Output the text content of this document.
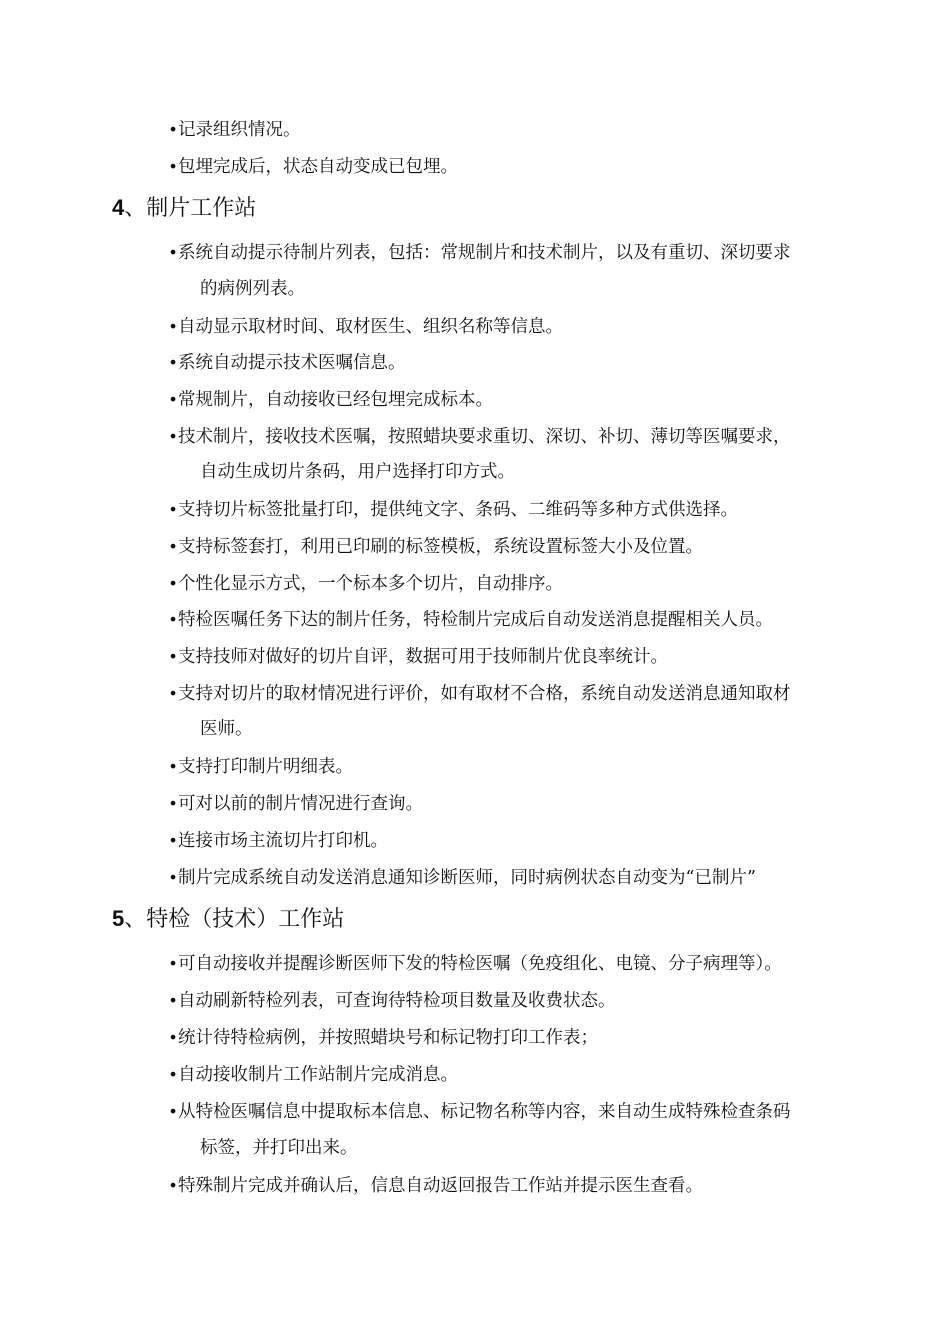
• 记录组织情况。
• 包埋完成后，状态自动变成已包埋。
4、制片工作站
• 系统自动提示待制片列表，包括：常规制片和技术制片，以及有重切、深切要求
的病例列表。
• 自动显示取材时间、取材医生、组织名称等信息。
• 系统自动提示技术医嘱信息。
• 常规制片，自动接收已经包埋完成标本。
• 技术制片，接收技术医嘱，按照蜡块要求重切、深切、补切、薄切等医嘱要求，
自动生成切片条码，用户选择打印方式。
• 支持切片标签批量打印，提供纯文字、条码、二维码等多种方式供选择。
• 支持标签套打，利用已印刷的标签模板，系统设置标签大小及位置。
• 个性化显示方式，一个标本多个切片，自动排序。
• 特检医嘱任务下达的制片任务，特检制片完成后自动发送消息提醒相关人员。
• 支持技师对做好的切片自评，数据可用于技师制片优良率统计。
• 支持对切片的取材情况进行评价，如有取材不合格，系统自动发送消息通知取材
医师。
• 支持打印制片明细表。
• 可对以前的制片情况进行查询。
• 连接市场主流切片打印机。
• 制片完成系统自动发送消息通知诊断医师，同时病例状态自动变为“已制片”
5、特检（技术）工作站
• 可自动接收并提醒诊断医师下发的特检医嘱（免疫组化、电镜、分子病理等）。
• 自动刷新特检列表，可查询待特检项目数量及收费状态。
• 统计待特检病例，并按照蜡块号和标记物打印工作表；
• 自动接收制片工作站制片完成消息。
• 从特检医嘱信息中提取标本信息、标记物名称等内容，来自动生成特殊检查条码
标签，并打印出来。
• 特殊制片完成并确认后，信息自动返回报告工作站并提示医生查看。
